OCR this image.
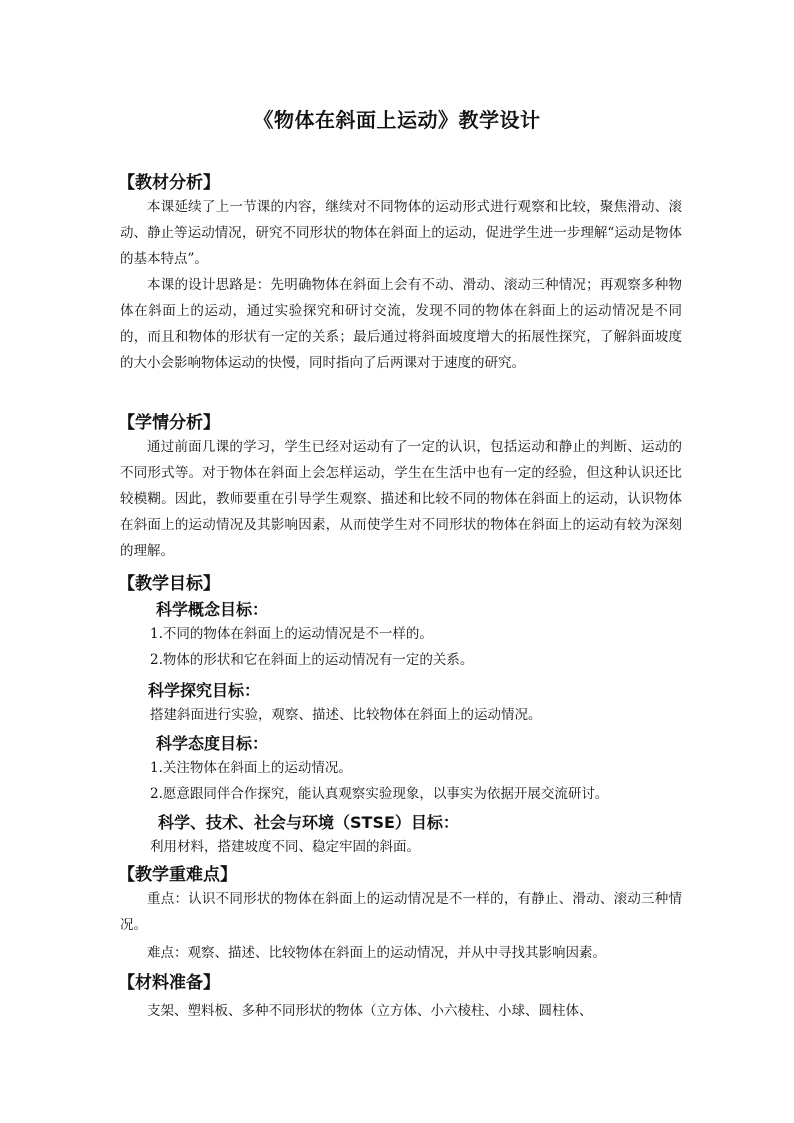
《物体在斜面上运动》教学设计
【教材分析】
本课延续了上一节课的内容，继续对不同物体的运动形式进行观察和比较，聚焦滑动、滚动、静止等运动情况，研究不同形状的物体在斜面上的运动，促进学生进一步理解“运动是物体的基本特点”。
本课的设计思路是：先明确物体在斜面上会有不动、滑动、滚动三种情况；再观察多种物体在斜面上的运动，通过实验探究和研讨交流，发现不同的物体在斜面上的运动情况是不同的，而且和物体的形状有一定的关系；最后通过将斜面坡度增大的拓展性探究，了解斜面坡度的大小会影响物体运动的快慢，同时指向了后两课对于速度的研究。
【学情分析】
通过前面几课的学习，学生已经对运动有了一定的认识，包括运动和静止的判断、运动的不同形式等。对于物体在斜面上会怎样运动，学生在生活中也有一定的经验，但这种认识还比较模糊。因此，教师要重在引导学生观察、描述和比较不同的物体在斜面上的运动，认识物体在斜面上的运动情况及其影响因素，从而使学生对不同形状的物体在斜面上的运动有较为深刻的理解。
【教学目标】
科学概念目标：
1.不同的物体在斜面上的运动情况是不一样的。
2.物体的形状和它在斜面上的运动情况有一定的关系。
科学探究目标：
搭建斜面进行实验，观察、描述、比较物体在斜面上的运动情况。
科学态度目标：
1.关注物体在斜面上的运动情况。
2.愿意跟同伴合作探究，能认真观察实验现象，以事实为依据开展交流研讨。
科学、技术、社会与环境（STSE）目标：
利用材料，搭建坡度不同、稳定牢固的斜面。
【教学重难点】
重点：认识不同形状的物体在斜面上的运动情况是不一样的，有静止、滑动、滚动三种情况。
难点：观察、描述、比较物体在斜面上的运动情况，并从中寻找其影响因素。
【材料准备】
支架、塑料板、多种不同形状的物体（立方体、小六棱柱、小球、圆柱体、
